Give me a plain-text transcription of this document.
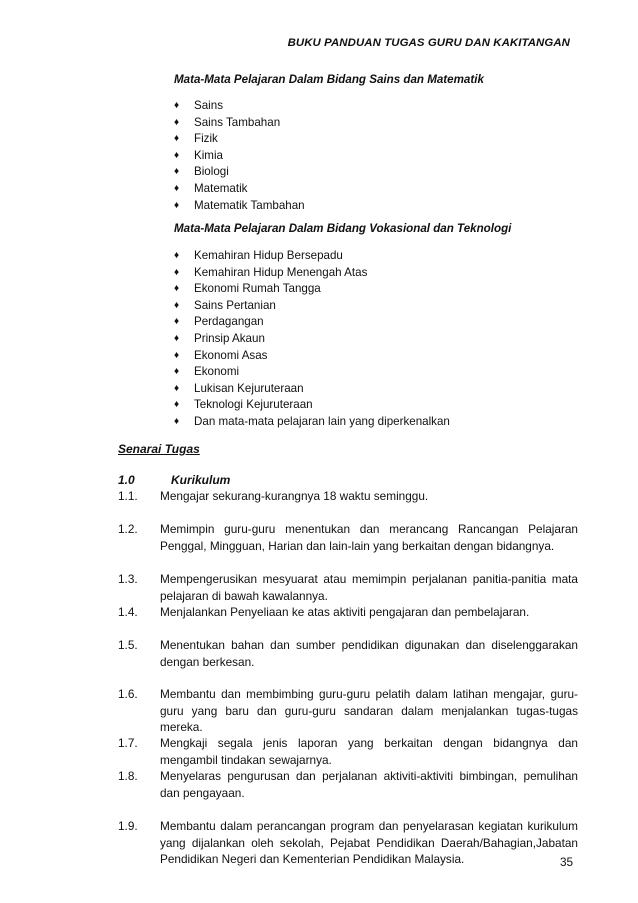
BUKU PANDUAN TUGAS GURU DAN KAKITANGAN
Mata-Mata Pelajaran Dalam Bidang Sains dan Matematik
♦ Sains
♦ Sains Tambahan
♦ Fizik
♦ Kimia
♦ Biologi
♦ Matematik
♦ Matematik Tambahan
Mata-Mata Pelajaran Dalam Bidang Vokasional dan Teknologi
♦ Kemahiran Hidup Bersepadu
♦ Kemahiran Hidup Menengah Atas
♦ Ekonomi Rumah Tangga
♦ Sains Pertanian
♦ Perdagangan
♦ Prinsip Akaun
♦ Ekonomi Asas
♦ Ekonomi
♦ Lukisan Kejuruteraan
♦ Teknologi Kejuruteraan
♦ Dan mata-mata pelajaran lain yang diperkenalkan
Senarai Tugas
1.0	Kurikulum
1.1. Mengajar sekurang-kurangnya 18 waktu seminggu.
1.2. Memimpin guru-guru menentukan dan merancang Rancangan Pelajaran Penggal, Mingguan, Harian dan lain-lain yang berkaitan dengan bidangnya.
1.3. Mempengerusikan mesyuarat atau memimpin perjalanan panitia-panitia mata pelajaran di bawah kawalannya.
1.4. Menjalankan Penyeliaan ke atas aktiviti pengajaran dan pembelajaran.
1.5. Menentukan bahan dan sumber pendidikan digunakan dan diselenggarakan dengan berkesan.
1.6. Membantu dan membimbing guru-guru pelatih dalam latihan mengajar, guru-guru yang baru dan guru-guru sandaran dalam menjalankan tugas-tugas mereka.
1.7. Mengkaji segala jenis laporan yang berkaitan dengan bidangnya dan mengambil tindakan sewajarnya.
1.8. Menyelaras pengurusan dan perjalanan aktiviti-aktiviti bimbingan, pemulihan dan pengayaan.
1.9. Membantu dalam perancangan program dan penyelarasan kegiatan kurikulum yang dijalankan oleh sekolah, Pejabat Pendidikan Daerah/Bahagian,Jabatan Pendidikan Negeri dan Kementerian Pendidikan Malaysia.	35
